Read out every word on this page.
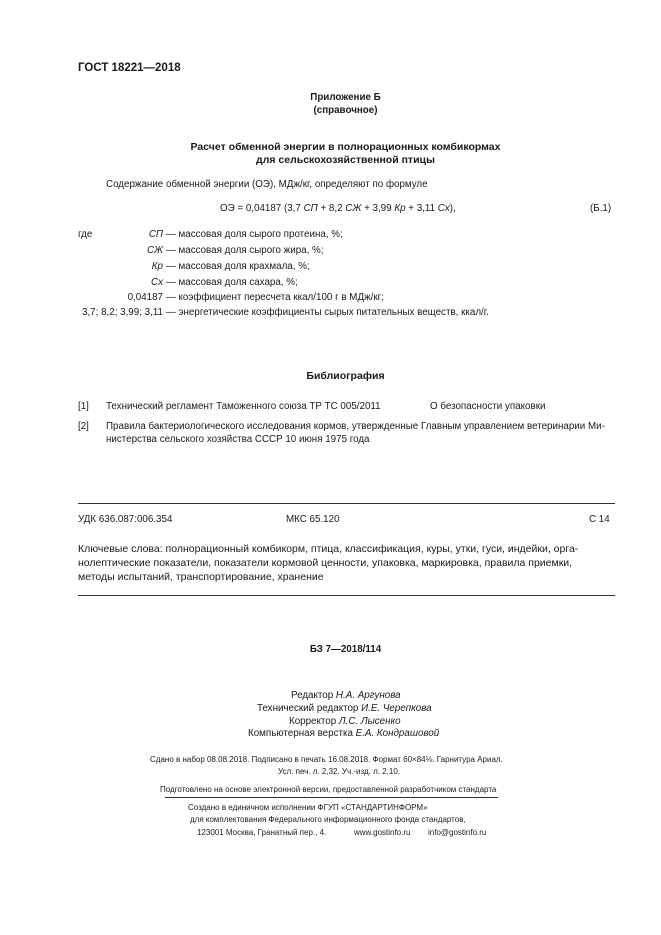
ГОСТ 18221—2018
Приложение Б
(справочное)
Расчет обменной энергии в полнорационных комбикормах
для сельскохозяйственной птицы
Содержание обменной энергии (ОЭ), МДж/кг, определяют по формуле
ОЭ = 0,04187 (3,7 СП + 8,2 СЖ + 3,99 Кр + 3,11 Сх),	(Б.1)
где	СП — массовая доля сырого протеина, %;
СЖ — массовая доля сырого жира, %;
Кр — массовая доля крахмала, %;
Сх — массовая доля сахара, %;
0,04187 — коэффициент пересчета ккал/100 г в МДж/кг;
3,7; 8,2; 3,99; 3,11 — энергетические коэффициенты сырых питательных веществ, ккал/г.
Библиография
[1] Технический регламент Таможенного союза ТР ТС 005/2011	О безопасности упаковки
[2] Правила бактериологического исследования кормов, утвержденные Главным управлением ветеринарии Ми-
нистерства сельского хозяйства СССР 10 июня 1975 года
УДК 636.087:006.354	МКС 65.120	С 14
Ключевые слова: полнорационный комбикорм, птица, классификация, куры, утки, гуси, индейки, орга-
нолептические показатели, показатели кормовой ценности, упаковка, маркировка, правила приемки,
методы испытаний, транспортирование, хранение
БЗ 7—2018/114
Редактор Н.А. Аргунова
Технический редактор И.Е. Черепкова
Корректор Л.С. Лысенко
Компьютерная верстка Е.А. Кондрашовой
Сдано в набор 08.08.2018. Подписано в печать 16.08.2018. Формат 60×84⅛. Гарнитура Ариал.
Усл. печ. л. 2,32. Уч.-изд. л. 2,10.
Подготовлено на основе электронной версии, предоставленной разработчиком стандарта
Создано в единичном исполнении ФГУП «СТАНДАРТИНФОРМ»
для комплектования Федерального информационного фонда стандартов,
123001 Москва, Гранатный пер., 4.	www.gostinfo.ru info@gostinfo.ru
